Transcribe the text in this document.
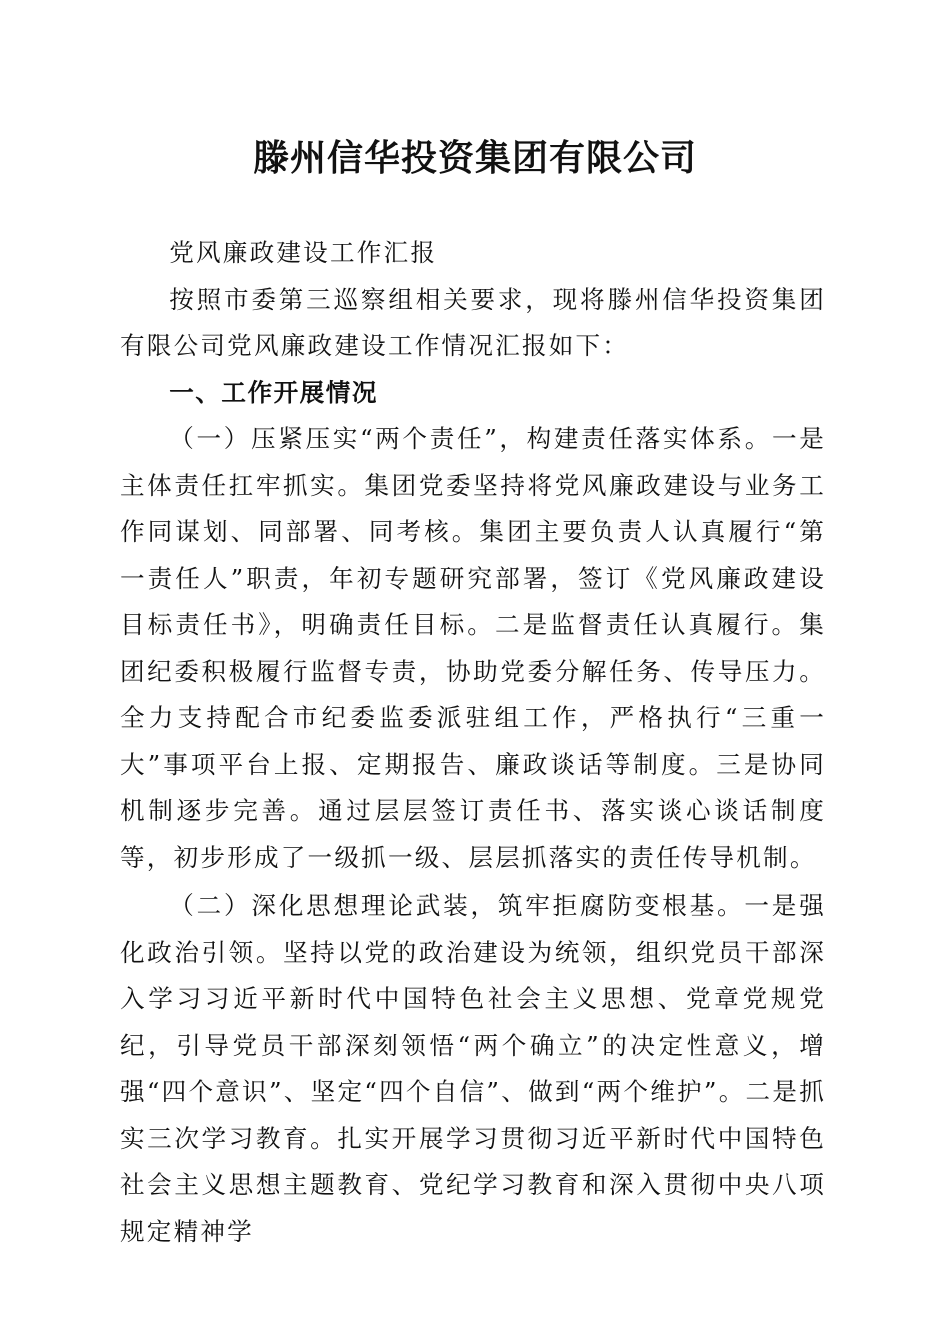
滕州信华投资集团有限公司

党风廉政建设工作汇报

按照市委第三巡察组相关要求，现将滕州信华投资集团有限公司党风廉政建设工作情况汇报如下：

一、工作开展情况

（一）压紧压实“两个责任”，构建责任落实体系。一是主体责任扛牢抓实。集团党委坚持将党风廉政建设与业务工作同谋划、同部署、同考核。集团主要负责人认真履行“第一责任人”职责，年初专题研究部署，签订《党风廉政建设目标责任书》，明确责任目标。二是监督责任认真履行。集团纪委积极履行监督专责，协助党委分解任务、传导压力。全力支持配合市纪委监委派驻组工作，严格执行“三重一大”事项平台上报、定期报告、廉政谈话等制度。三是协同机制逐步完善。通过层层签订责任书、落实谈心谈话制度等，初步形成了一级抓一级、层层抓落实的责任传导机制。

（二）深化思想理论武装，筑牢拒腐防变根基。一是强化政治引领。坚持以党的政治建设为统领，组织党员干部深入学习习近平新时代中国特色社会主义思想、党章党规党纪，引导党员干部深刻领悟“两个确立”的决定性意义，增强“四个意识”、坚定“四个自信”、做到“两个维护”。二是抓实三次学习教育。扎实开展学习贯彻习近平新时代中国特色社会主义思想主题教育、党纪学习教育和深入贯彻中央八项规定精神学
